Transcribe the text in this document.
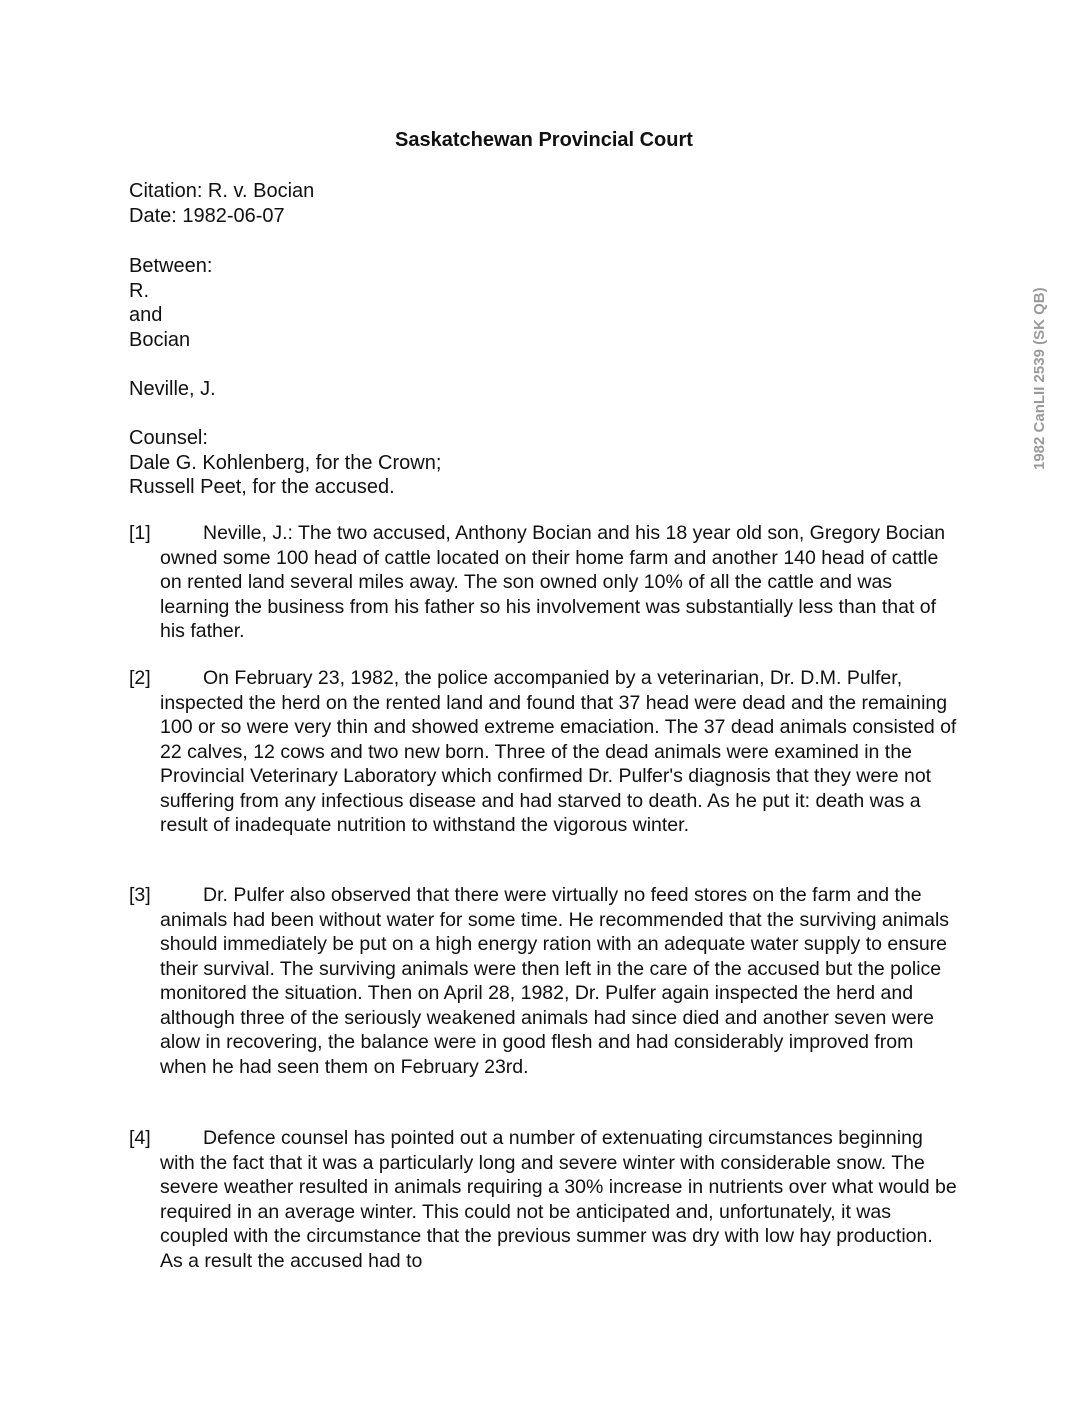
Saskatchewan Provincial Court
Citation: R. v. Bocian
Date: 1982-06-07
Between:
R.
and
Bocian
Neville, J.
Counsel:
Dale G. Kohlenberg, for the Crown;
Russell Peet, for the accused.
[1]	Neville, J.: The two accused, Anthony Bocian and his 18 year old son, Gregory Bocian owned some 100 head of cattle located on their home farm and another 140 head of cattle on rented land several miles away. The son owned only 10% of all the cattle and was learning the business from his father so his involvement was substantially less than that of his father.
[2]	On February 23, 1982, the police accompanied by a veterinarian, Dr. D.M. Pulfer, inspected the herd on the rented land and found that 37 head were dead and the remaining 100 or so were very thin and showed extreme emaciation. The 37 dead animals consisted of 22 calves, 12 cows and two new born. Three of the dead animals were examined in the Provincial Veterinary Laboratory which confirmed Dr. Pulfer's diagnosis that they were not suffering from any infectious disease and had starved to death. As he put it: death was a result of inadequate nutrition to withstand the vigorous winter.
[3]	Dr. Pulfer also observed that there were virtually no feed stores on the farm and the animals had been without water for some time. He recommended that the surviving animals should immediately be put on a high energy ration with an adequate water supply to ensure their survival. The surviving animals were then left in the care of the accused but the police monitored the situation. Then on April 28, 1982, Dr. Pulfer again inspected the herd and although three of the seriously weakened animals had since died and another seven were alow in recovering, the balance were in good flesh and had considerably improved from when he had seen them on February 23rd.
[4]	Defence counsel has pointed out a number of extenuating circumstances beginning with the fact that it was a particularly long and severe winter with considerable snow. The severe weather resulted in animals requiring a 30% increase in nutrients over what would be required in an average winter. This could not be anticipated and, unfortunately, it was coupled with the circumstance that the previous summer was dry with low hay production. As a result the accused had to
1982 CanLII 2539 (SK QB)
